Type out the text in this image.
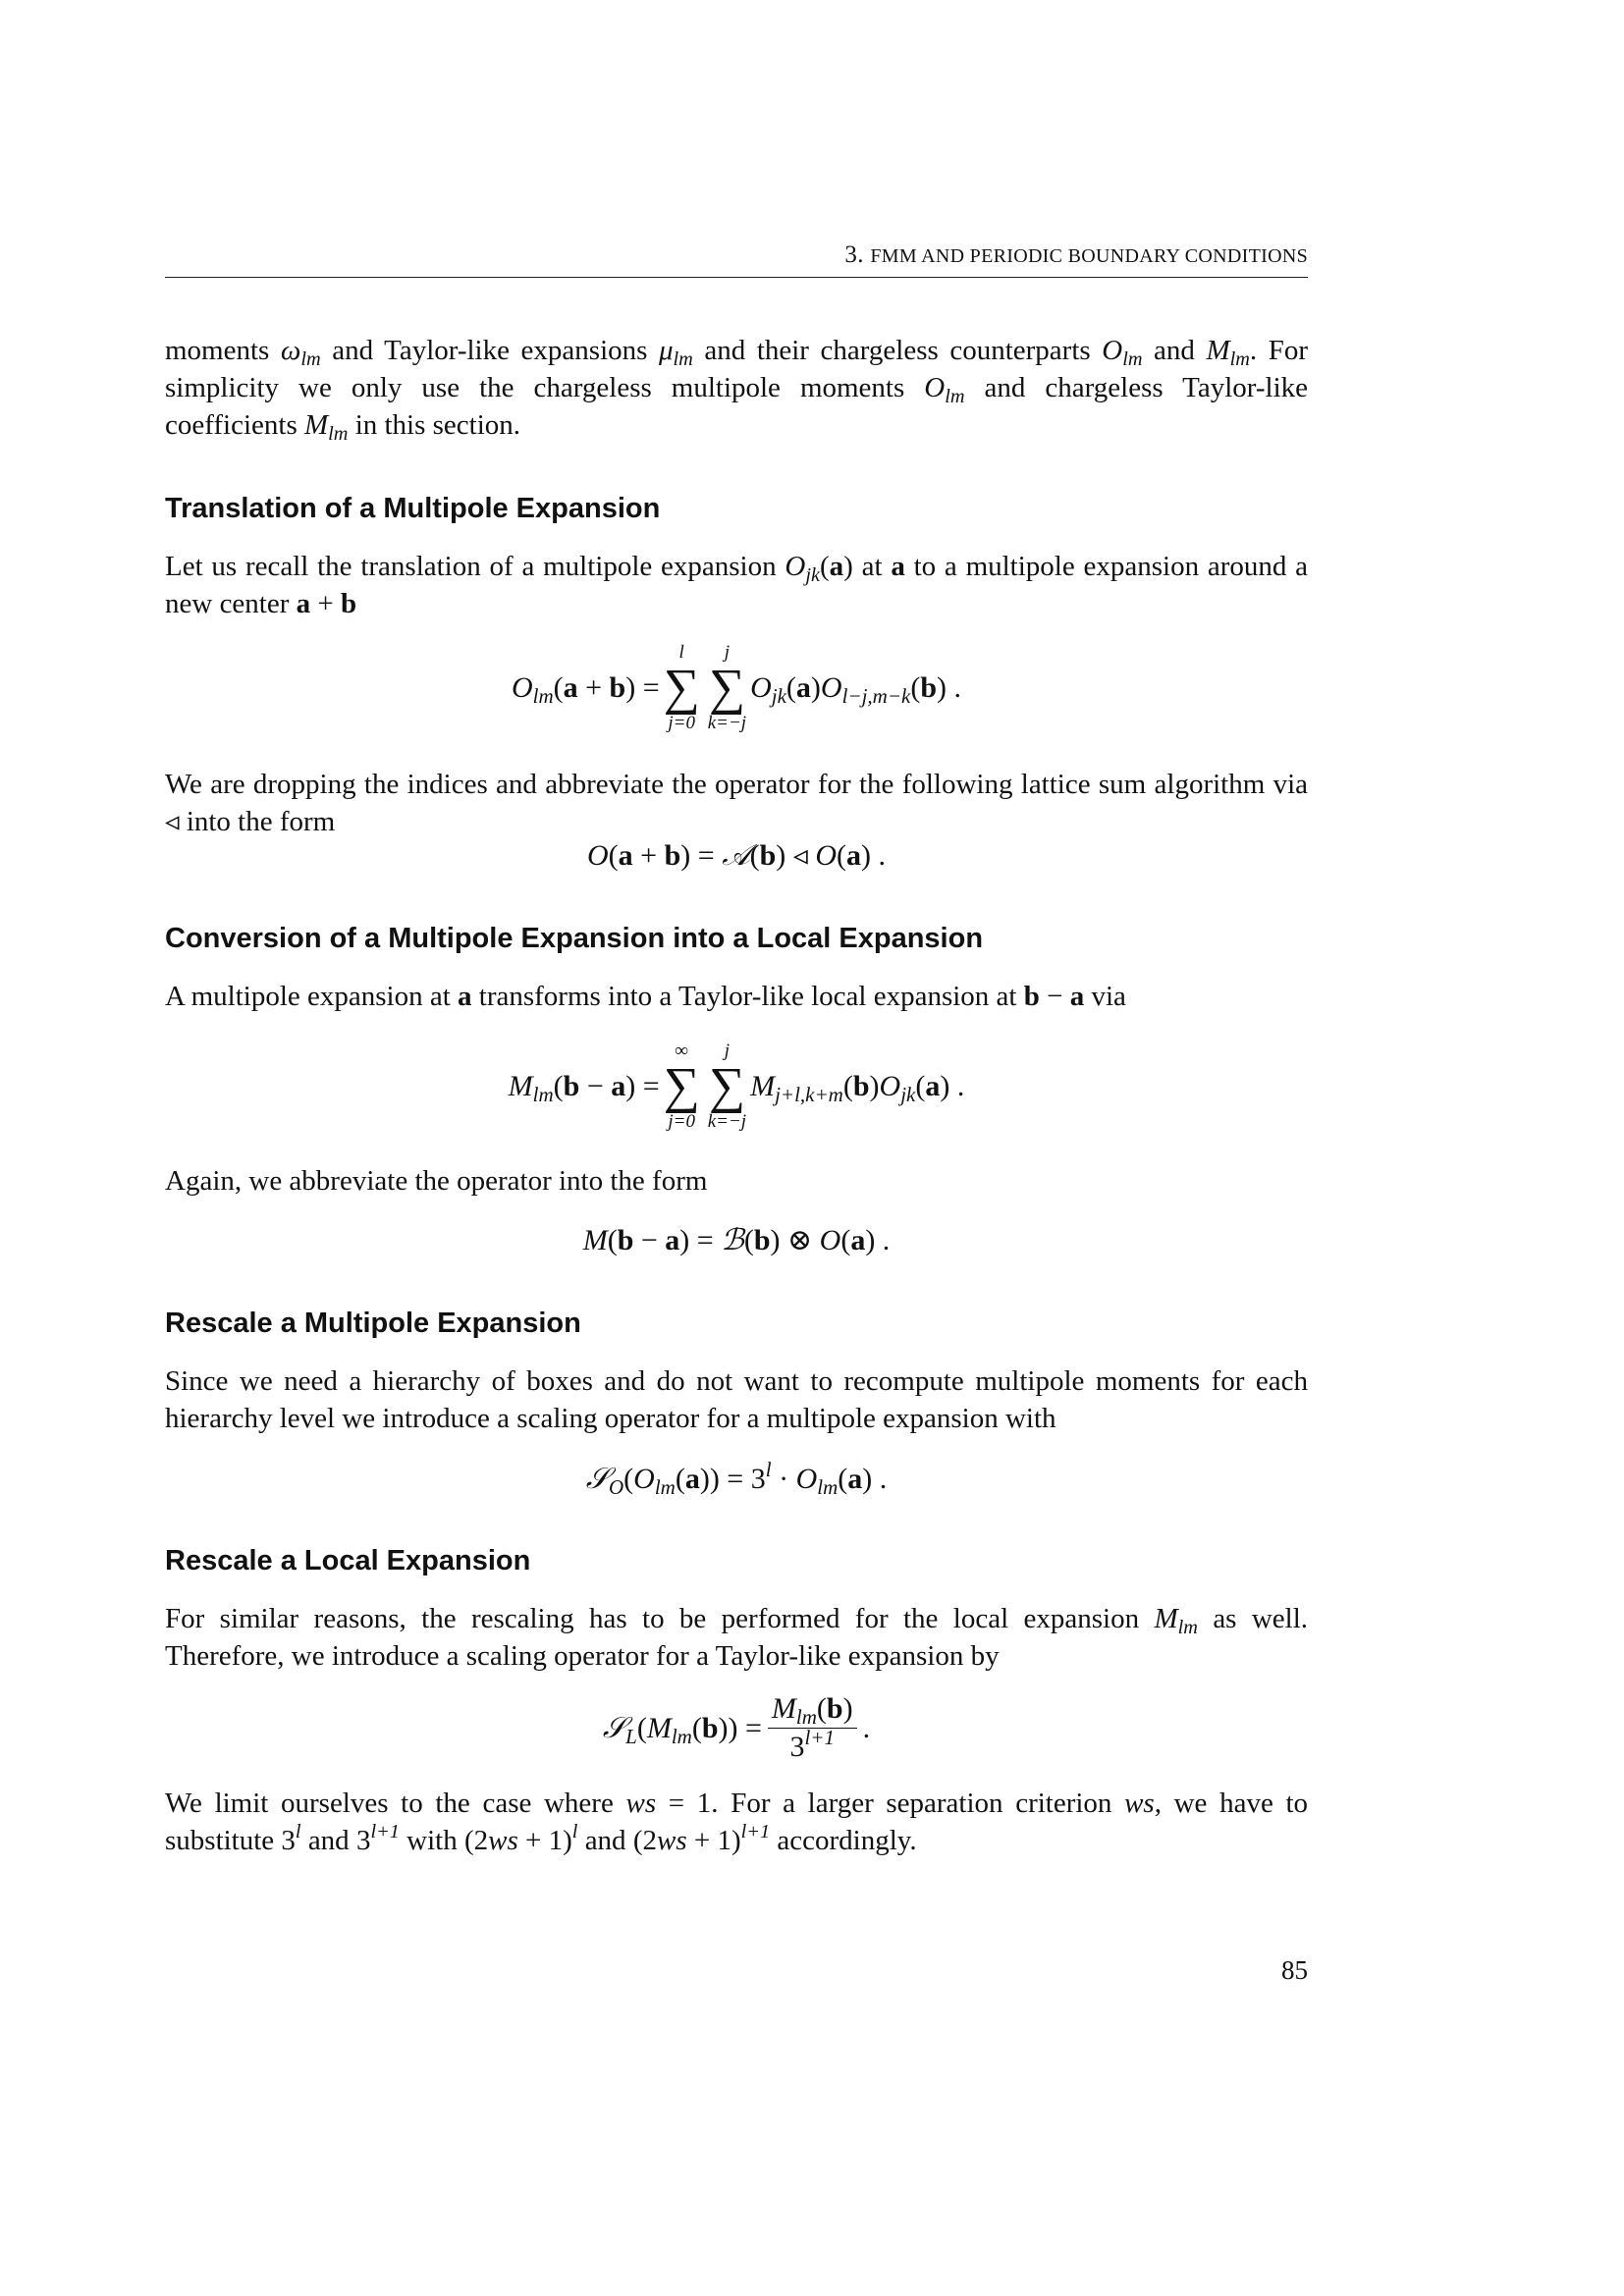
3. FMM AND PERIODIC BOUNDARY CONDITIONS

moments $\omega_{lm}$ and Taylor-like expansions $\mu_{lm}$ and their chargeless counterparts $O_{lm}$ and $M_{lm}$. For simplicity we only use the chargeless multipole moments $O_{lm}$ and chargeless Taylor-like coefficients $M_{lm}$ in this section.

Translation of a Multipole Expansion

Let us recall the translation of a multipole expansion $O_{jk}(a)$ at a to a multipole expansion around a new center a + b

$O_{lm}(a + b)$ =
l
∑
j=0
j
∑
k=−j
$O_{jk}(a)O_{l-j,m-k}(b)$ .

We are dropping the indices and abbreviate the operator for the following lattice sum algorithm via ◃ into the form

O(a + b) = 𝒜(b) ◃ O(a) .
Conversion of a Multipole Expansion into a Local Expansion

A multipole expansion at a transforms into a Taylor-like local expansion at b − a via

$M_{lm}(b - a)$ =
∞
∑
j=0
j
∑
k=−j
$M_{j+l,k+m}(b)O_{jk}(a)$ .
Again, we abbreviate the operator into the form
M(b − a) = ℬ(b) ⊗ O(a) .
Rescale a Multipole Expansion
Since we need a hierarchy of boxes and do not want to recompute multipole moments for each hierarchy level we introduce a scaling operator for a multipole expansion with
$𝒮_O(O_{lm}(a)) = 3^l \cdot O_{lm}(a)$ .
Rescale a Local Expansion

For similar reasons, the rescaling has to be performed for the local expansion $M_{lm}$ as well. Therefore, we introduce a scaling operator for a Taylor-like expansion by

$𝒮_L(M_{lm}(b)) = \frac{M_{lm}(b)}{3^{l+1}}$ .

We limit ourselves to the case where ws = 1. For a larger separation criterion ws, we have to substitute 3$^l$ and $3^{l+1}$ with $(2ws + 1)^l$ and $(2ws + 1)^{l+1}$ accordingly.

85
